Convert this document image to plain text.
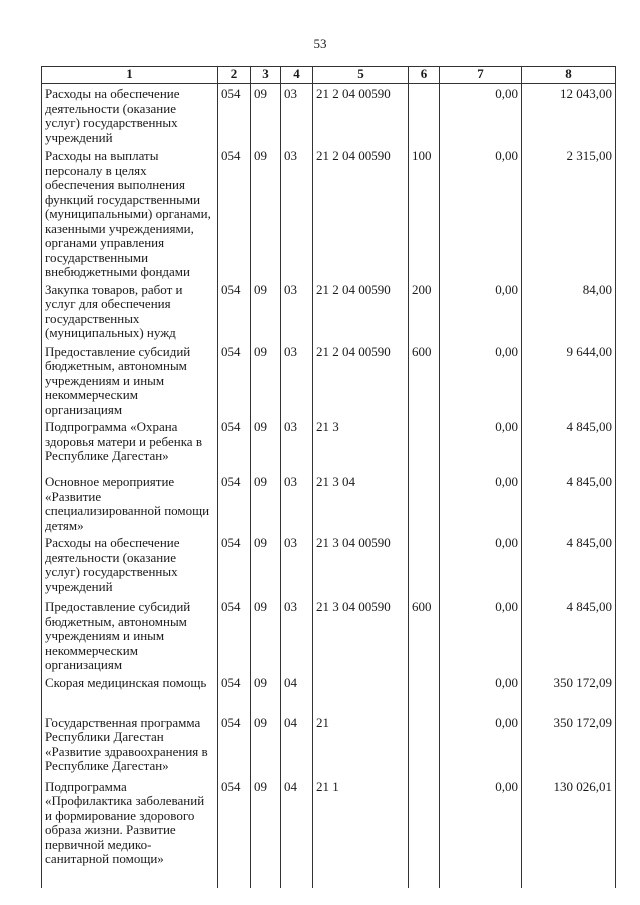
53
1	2	3	4	5	6	7	8
Расходы на обеспечение деятельности (оказание услуг) государственных учреждений	054	09	03	21 2 04 00590		0,00	12 043,00
Расходы на выплаты персоналу в целях обеспечения выполнения функций государственными (муниципальными) органами, казенными учреждениями, органами управления государственными внебюджетными фондами	054	09	03	21 2 04 00590	100	0,00	2 315,00
Закупка товаров, работ и услуг для обеспечения государственных (муниципальных) нужд	054	09	03	21 2 04 00590	200	0,00	84,00
Предоставление субсидий бюджетным, автономным учреждениям и иным некоммерческим организациям	054	09	03	21 2 04 00590	600	0,00	9 644,00
Подпрограмма «Охрана здоровья матери и ребенка в Республике Дагестан»	054	09	03	21 3		0,00	4 845,00
Основное мероприятие «Развитие специализированной помощи детям»	054	09	03	21 3 04		0,00	4 845,00
Расходы на обеспечение деятельности (оказание услуг) государственных учреждений	054	09	03	21 3 04 00590		0,00	4 845,00
Предоставление субсидий бюджетным, автономным учреждениям и иным некоммерческим организациям	054	09	03	21 3 04 00590	600	0,00	4 845,00
Скорая медицинская помощь	054	09	04			0,00	350 172,09
Государственная программа Республики Дагестан «Развитие здравоохранения в Республике Дагестан»	054	09	04	21		0,00	350 172,09
Подпрограмма «Профилактика заболеваний и формирование здорового образа жизни. Развитие первичной медико-санитарной помощи»	054	09	04	21 1		0,00	130 026,01
